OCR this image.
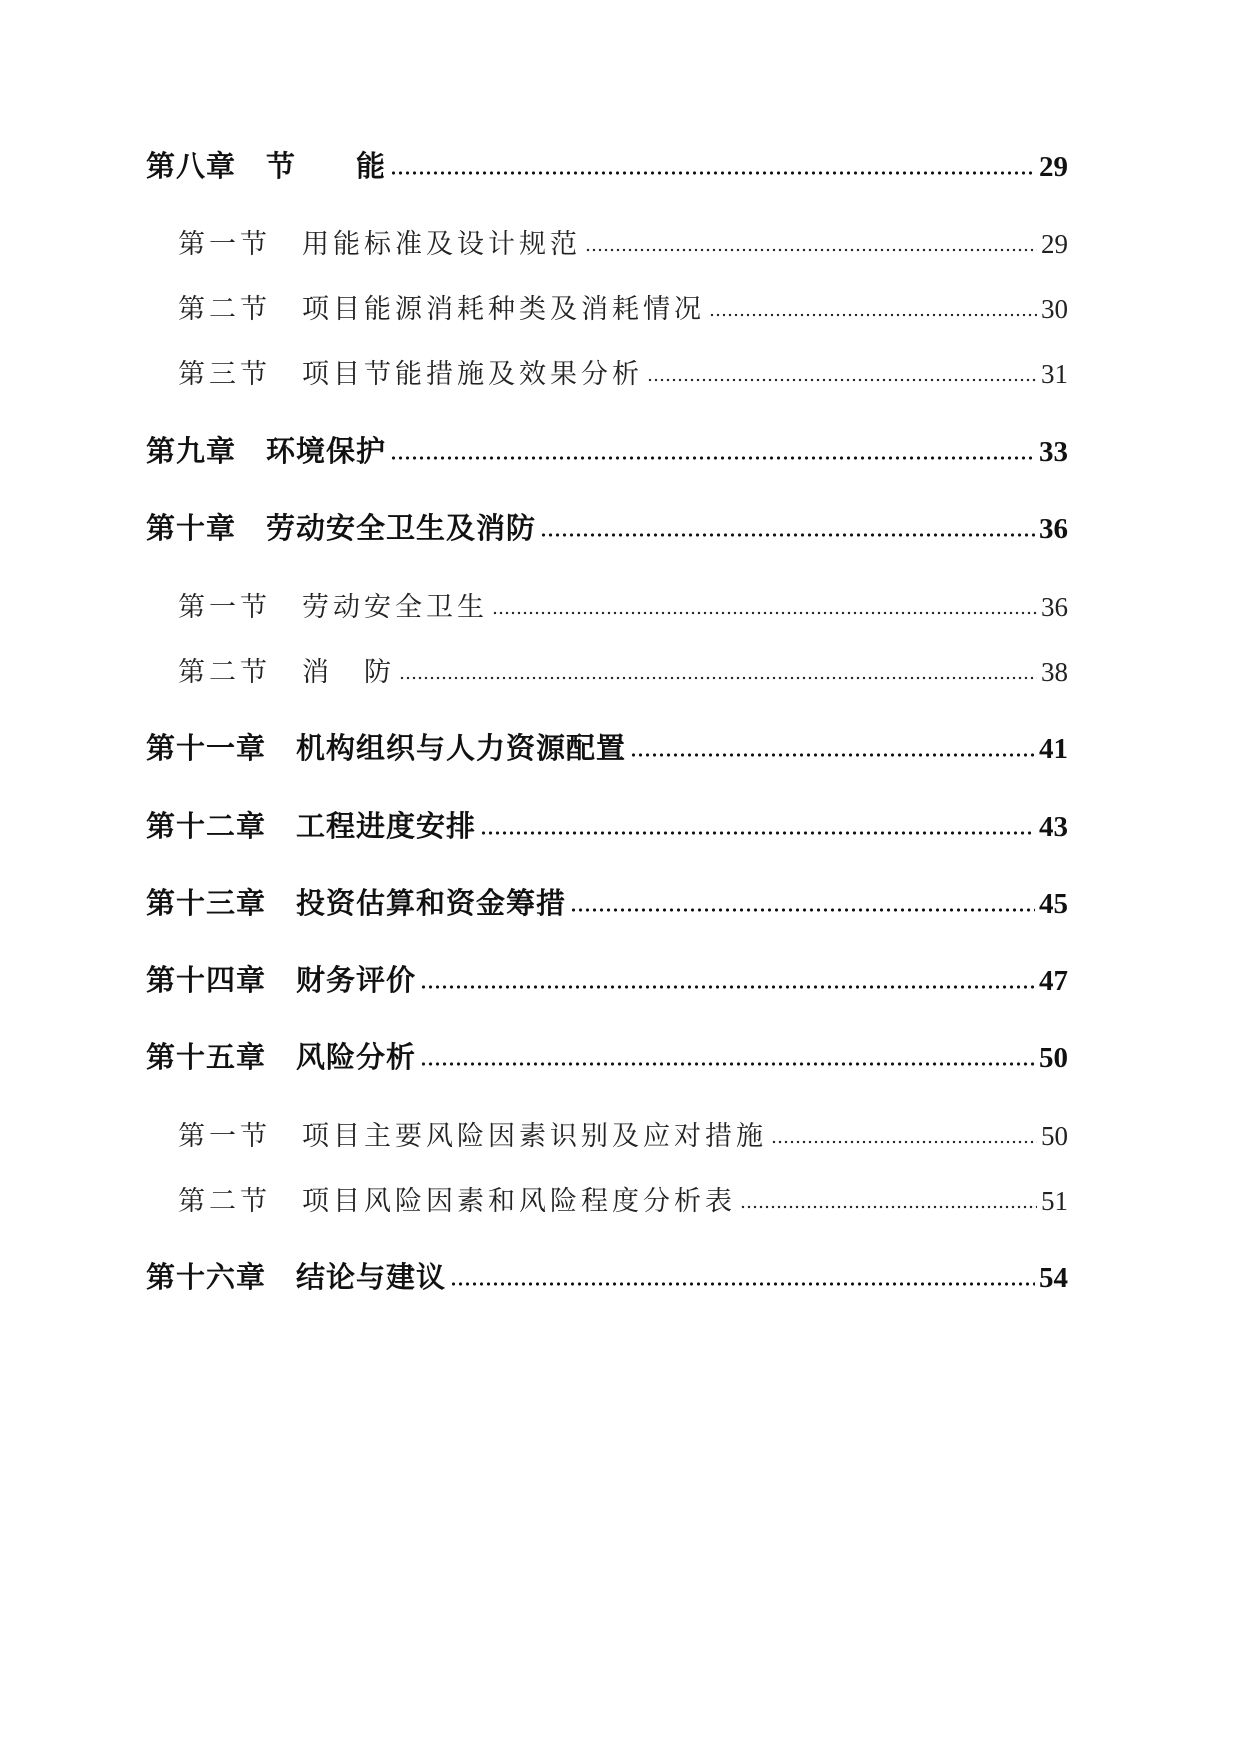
第八章　节　　能	29
第一节　用能标准及设计规范	29
第二节　项目能源消耗种类及消耗情况	30
第三节　项目节能措施及效果分析	31
第九章　环境保护	33
第十章　劳动安全卫生及消防	36
第一节　劳动安全卫生	36
第二节　消　防	38
第十一章　机构组织与人力资源配置	41
第十二章　工程进度安排	43
第十三章　投资估算和资金筹措	45
第十四章　财务评价	47
第十五章　风险分析	50
第一节　项目主要风险因素识别及应对措施	50
第二节　项目风险因素和风险程度分析表	51
第十六章　结论与建议	54
